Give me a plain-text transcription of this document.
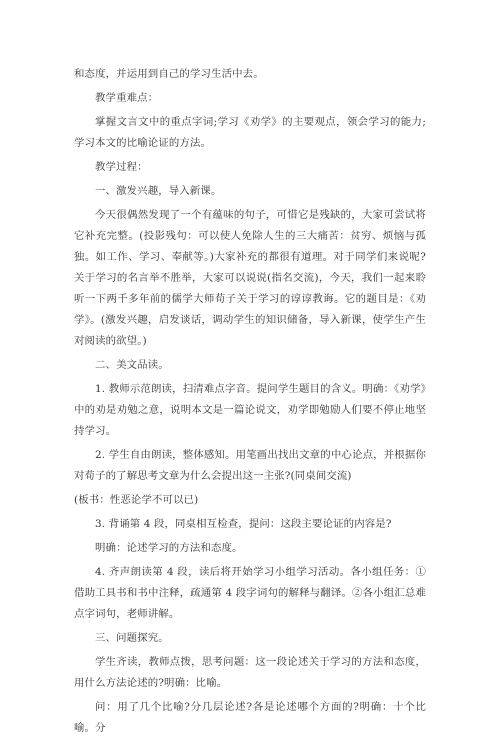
和态度，并运用到自己的学习生活中去。

教学重难点：

掌握文言文中的重点字词;学习《劝学》的主要观点，领会学习的能力;学习本文的比喻论证的方法。

教学过程：

一、激发兴趣，导入新课。

今天很偶然发现了一个有蕴味的句子，可惜它是残缺的，大家可尝试将它补充完整。(投影残句：可以使人免除人生的三大痛苦：贫穷、烦恼与孤独。如工作、学习、奉献等。)大家补充的都很有道理。对于同学们来说呢?关于学习的名言举不胜举，大家可以说说(指名交流)，今天，我们一起来聆听一下两千多年前的儒学大师荀子关于学习的谆谆教诲。它的题目是：《劝学》。(激发兴趣，启发谈话，调动学生的知识储备，导入新课，使学生产生对阅读的欲望。)

二、美文品读。

1. 教师示范朗读，扫清难点字音。提问学生题目的含义。明确：《劝学》中的劝是劝勉之意，说明本文是一篇论说文，劝学即勉励人们要不停止地坚持学习。

2. 学生自由朗读，整体感知。用笔画出找出文章的中心论点，并根据你对荀子的了解思考文章为什么会提出这一主张?(同桌间交流)

(板书：性恶论学不可以已)

3. 背诵第 4 段，同桌相互检查，提问：这段主要论证的内容是?

明确：论述学习的方法和态度。

4. 齐声朗读第 4 段，读后将开始学习小组学习活动。各小组任务：①借助工具书和书中注释，疏通第 4 段字词句的解释与翻译。②各小组汇总难点字词句，老师讲解。

三、问题探究。

学生齐读，教师点拨，思考问题：这一段论述关于学习的方法和态度，用什么方法论述的?明确：比喻。

问：用了几个比喻?分几层论述?各是论述哪个方面的?明确：十个比喻。分
